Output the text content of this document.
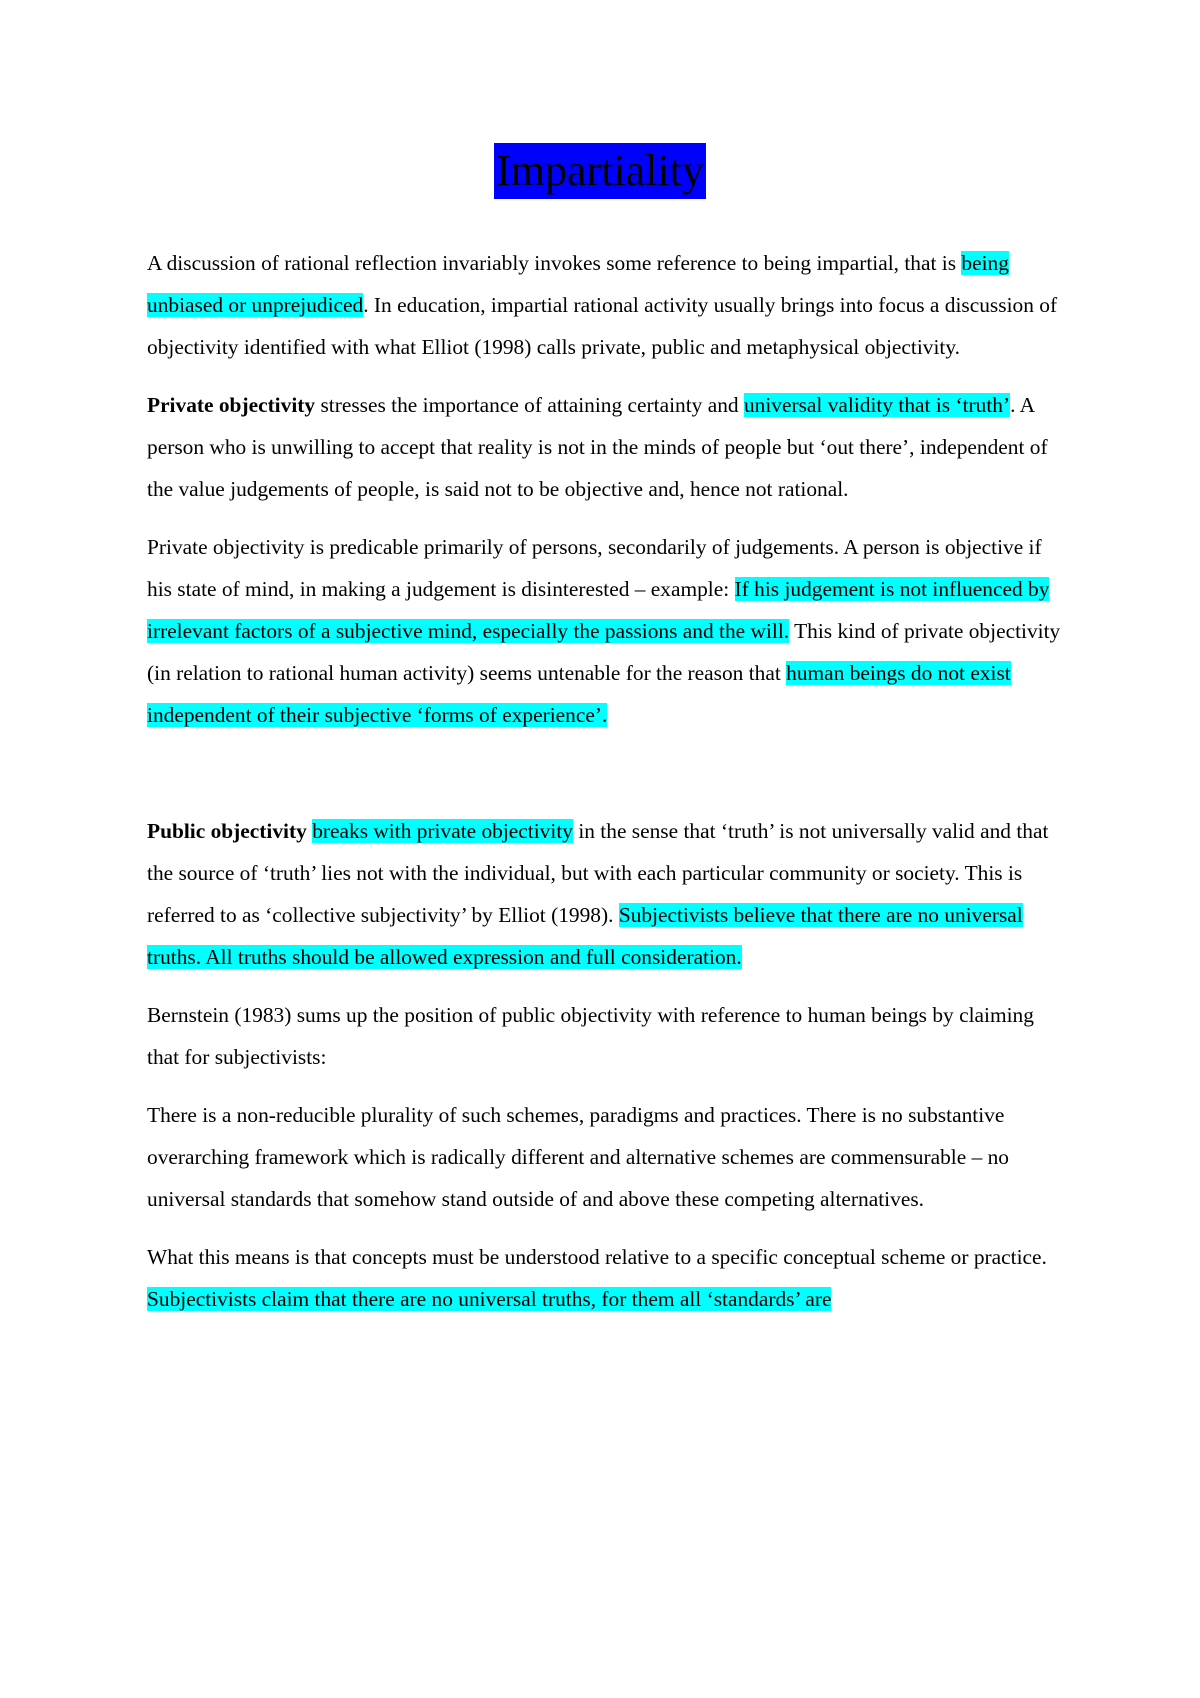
Impartiality

A discussion of rational reflection invariably invokes some reference to being impartial, that is being unbiased or unprejudiced. In education, impartial rational activity usually brings into focus a discussion of objectivity identified with what Elliot (1998) calls private, public and metaphysical objectivity.

Private objectivity stresses the importance of attaining certainty and universal validity that is ‘truth’. A person who is unwilling to accept that reality is not in the minds of people but ‘out there’, independent of the value judgements of people, is said not to be objective and, hence not rational.

Private objectivity is predicable primarily of persons, secondarily of judgements. A person is objective if his state of mind, in making a judgement is disinterested – example: If his judgement is not influenced by irrelevant factors of a subjective mind, especially the passions and the will. This kind of private objectivity (in relation to rational human activity) seems untenable for the reason that human beings do not exist independent of their subjective ‘forms of experience’.

Public objectivity breaks with private objectivity in the sense that ‘truth’ is not universally valid and that the source of ‘truth’ lies not with the individual, but with each particular community or society. This is referred to as ‘collective subjectivity’ by Elliot (1998). Subjectivists believe that there are no universal truths. All truths should be allowed expression and full consideration.

Bernstein (1983) sums up the position of public objectivity with reference to human beings by claiming that for subjectivists:

There is a non-reducible plurality of such schemes, paradigms and practices. There is no substantive overarching framework which is radically different and alternative schemes are commensurable – no universal standards that somehow stand outside of and above these competing alternatives.

What this means is that concepts must be understood relative to a specific conceptual scheme or practice. Subjectivists claim that there are no universal truths, for them all ‘standards’ are
